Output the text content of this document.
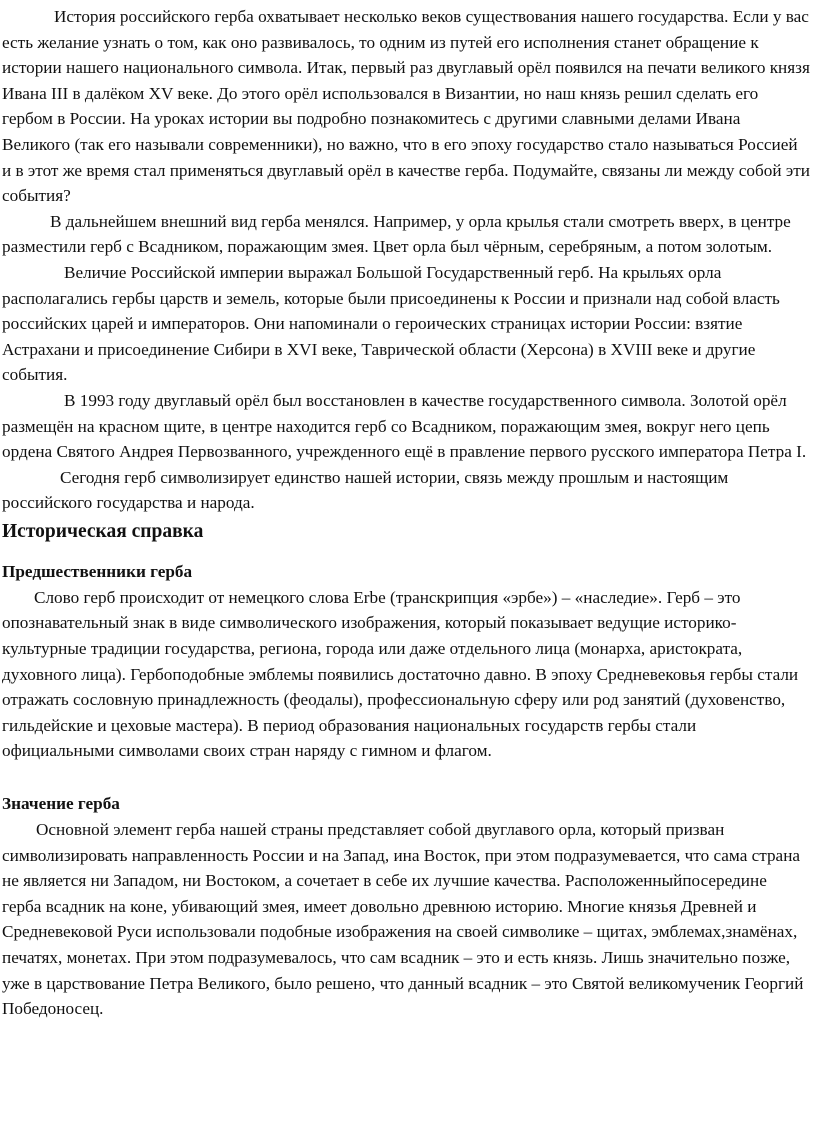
История российского герба охватывает несколько веков существования нашего государства. Если у вас есть желание узнать о том, как оно развивалось, то одним из путей его исполнения станет обращение к истории нашего национального символа. Итак, первый раз двуглавый орёл появился на печати великого князя Ивана III в далёком XV веке. До этого орёл использовался в Византии, но наш князь решил сделать его гербом в России. На уроках истории вы подробно познакомитесь с другими славными делами Ивана Великого (так его называли современники), но важно, что в его эпоху государство стало называться Россией и в этот же время стал применяться двуглавый орёл в качестве герба. Подумайте, связаны ли между собой эти события?

В дальнейшем внешний вид герба менялся. Например, у орла крылья стали смотреть вверх, в центре разместили герб с Всадником, поражающим змея. Цвет орла был чёрным, серебряным, а потом золотым.

Величие Российской империи выражал Большой Государственный герб. На крыльях орла располагались гербы царств и земель, которые были присоединены к России и признали над собой власть российских царей и императоров. Они напоминали о героических страницах истории России: взятие Астрахани и присоединение Сибири в XVI веке, Таврической области (Херсона) в XVIII веке и другие события.

В 1993 году двуглавый орёл был восстановлен в качестве государственного символа. Золотой орёл размещён на красном щите, в центре находится герб со Всадником, поражающим змея, вокруг него цепь ордена Святого Андрея Первозванного, учрежденного ещё в правление первого русского императора Петра I.

Сегодня герб символизирует единство нашей истории, связь между прошлым и настоящим российского государства и народа.

Историческая справка
Предшественники герба

Слово герб происходит от немецкого слова Erbe (транскрипция «эрбе») – «наследие». Герб – это опознавательный знак в виде символического изображения, который показывает ведущие историко-культурные традиции государства, региона, города или даже отдельного лица (монарха, аристократа, духовного лица). Гербоподобные эмблемы появились достаточно давно. В эпоху Средневековья гербы стали отражать сословную принадлежность (феодалы), профессиональную сферу или род занятий (духовенство, гильдейские и цеховые мастера). В период образования национальных государств гербы стали официальными символами своих стран наряду с гимном и флагом.

Значение герба

Основной элемент герба нашей страны представляет собой двуглавого орла, который призван символизировать направленность России и на Запад, ина Восток, при этом подразумевается, что сама страна не является ни Западом, ни Востоком, а сочетает в себе их лучшие качества. Расположенныйпосередине герба всадник на коне, убивающий змея, имеет довольно древнюю историю. Многие князья Древней и Средневековой Руси использовали подобные изображения на своей символике – щитах, эмблемах,знамёнах, печатях, монетах. При этом подразумевалось, что сам всадник – это и есть князь. Лишь значительно позже, уже в царствование Петра Великого, было решено, что данный всадник – это Святой великомученик Георгий Победоносец.
